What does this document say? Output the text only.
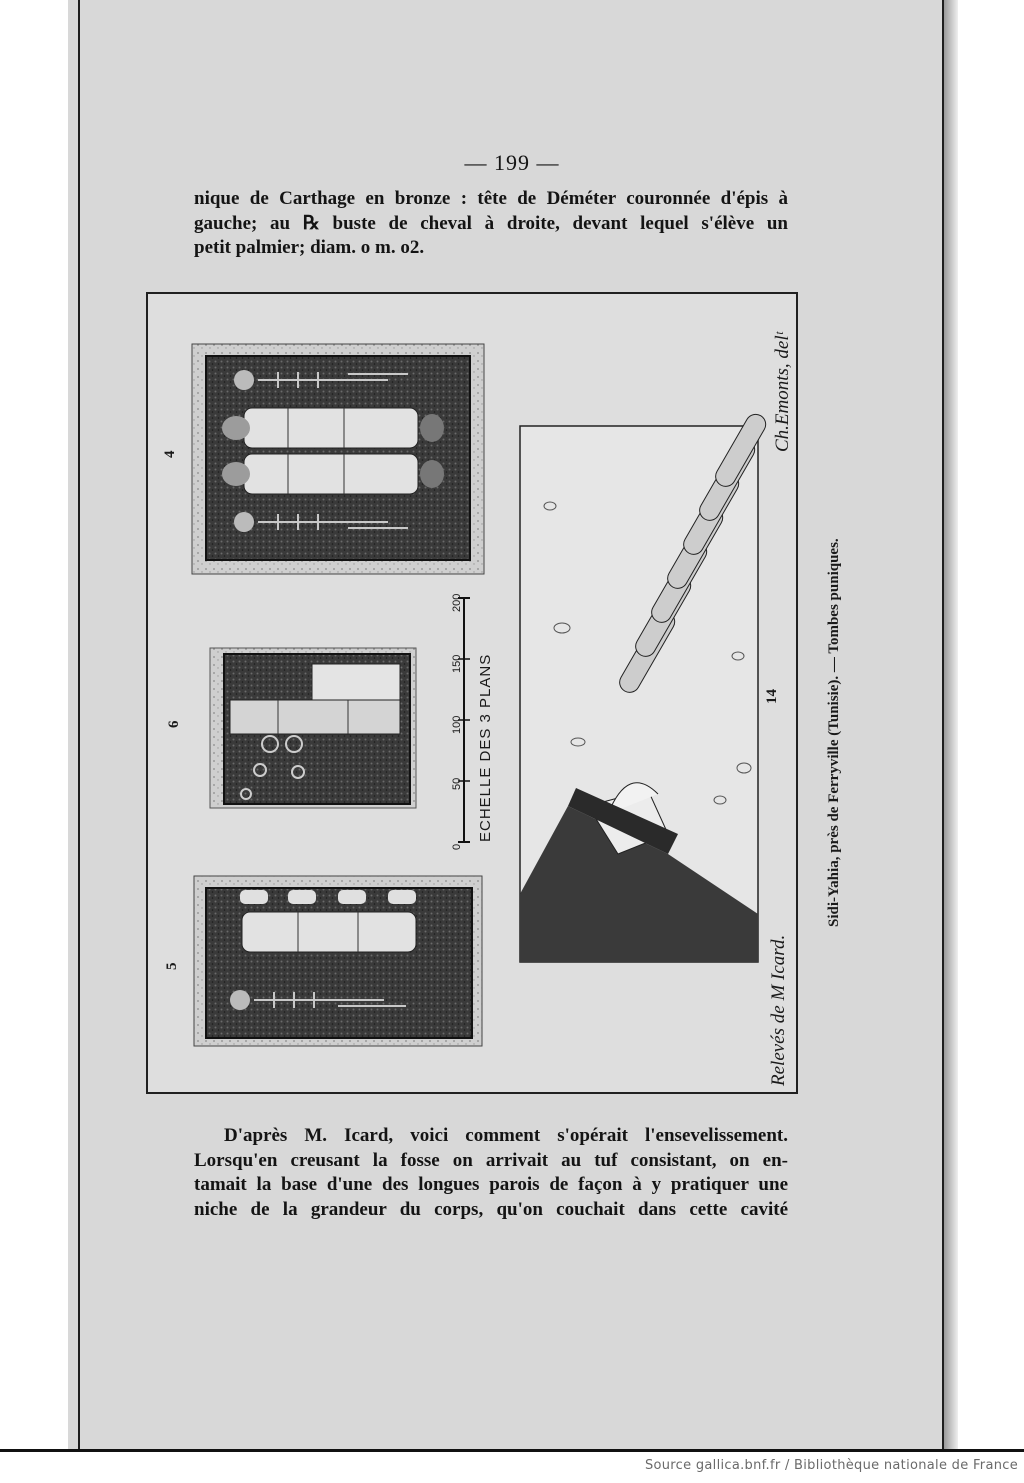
— 199 —
nique de Carthage en bronze : tête de Déméter couronnée d'épis à
gauche; au ℞ buste de cheval à droite, devant lequel s'élève un
petit palmier; diam. o m. o2.
4
6
5
0
50
100
150
200
ECHELLE DES 3 PLANS	14
Ch.Emonts, delᵗ
Relevés de M Icard.
Sidi-Yahia, près de Ferryville (Tunisie). — Tombes puniques.
D'après M. Icard, voici comment s'opérait l'ensevelissement.
Lorsqu'en creusant la fosse on arrivait au tuf consistant, on en-
tamait la base d'une des longues parois de façon à y pratiquer une
niche de la grandeur du corps, qu'on couchait dans cette cavité
Source gallica.bnf.fr / Bibliothèque nationale de France
